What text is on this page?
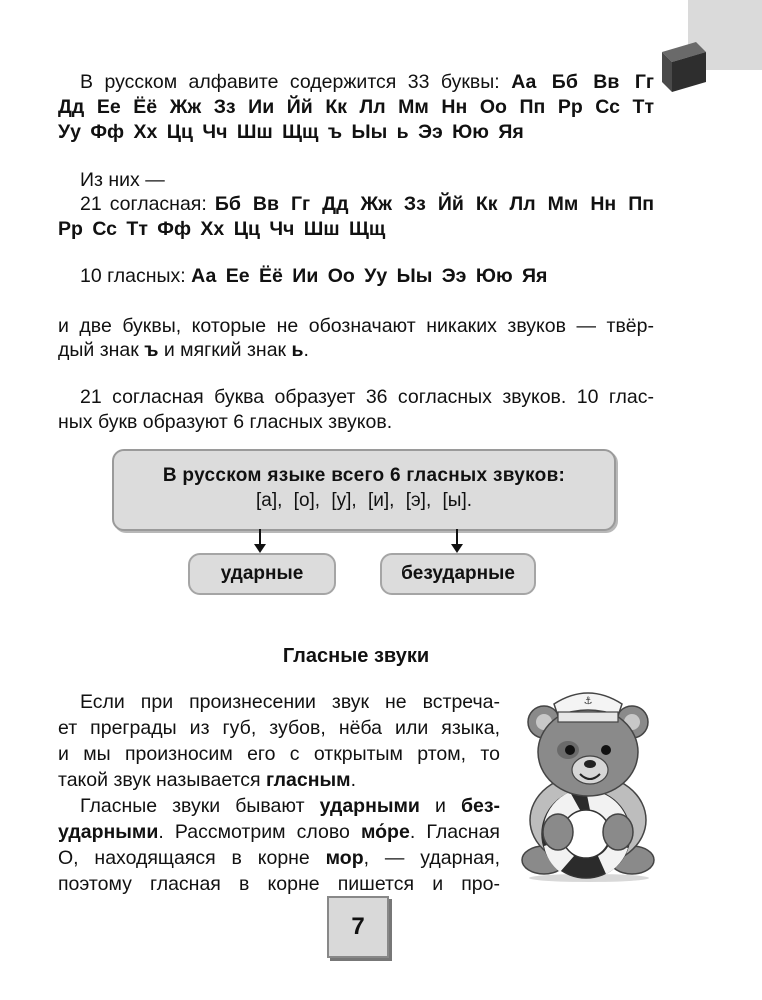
В русском алфавите содержится 33 буквы: Аа Бб Вв Гг

Дд Ее Ёё Жж Зз Ии Йй Кк Лл Мм Нн Оо Пп Рр Сс Тт

Уу Фф Хх Цц Чч Шш Щщ ъ Ыы ь Ээ Юю Яя

Из них —

21 согласная: Бб Вв Гг Дд Жж Зз Йй Кк Лл Мм Нн Пп

Рр Сс Тт Фф Хх Цц Чч Шш Щщ

10 гласных: Аа Ее Ёё Ии Оо Уу Ыы Ээ Юю Яя

и две буквы, которые не обозначают никаких звуков — твёр-

дый знак ъ и мягкий знак ь.

21 согласная буква образует 36 согласных звуков. 10 глас-

ных букв образуют 6 гласных звуков.

В русском языке всего 6 гласных звуков:
[а], [о], [у], [и], [э], [ы].
ударные	безударные
Гласные звуки

Если при произнесении звук не встреча-

ет преграды из губ, зубов, нёба или языка,

и мы произносим его с открытым ртом, то

такой звук называется гласным.

Гласные звуки бывают ударными и без-

ударными. Рассмотрим слово мо́ре. Гласная

О, находящаяся в корне мор, — ударная,

поэтому гласная в корне пишется и про-

⚓
7
